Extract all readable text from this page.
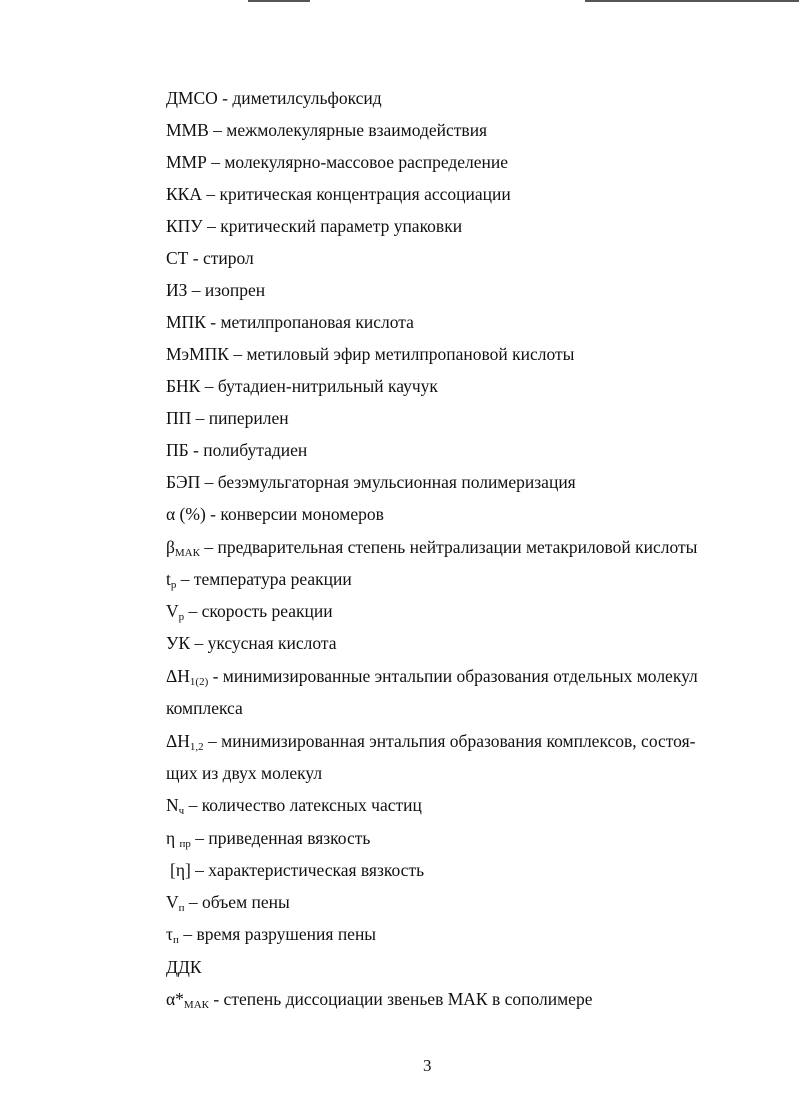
ДМСО - диметилсульфоксид
ММВ – межмолекулярные взаимодействия
ММР – молекулярно-массовое распределение
ККА – критическая концентрация ассоциации
КПУ – критический параметр упаковки
СТ - стирол
ИЗ – изопрен
МПК - метилпропановая кислота
МэМПК – метиловый эфир метилпропановой кислоты
БНК – бутадиен-нитрильный каучук
ПП – пиперилен
ПБ - полибутадиен
БЭП – безэмульгаторная эмульсионная полимеризация
α (%) - конверсии мономеров
$\beta_{МАК}$ – предварительная степень нейтрализации метакриловой кислоты
$t_р$ – температура реакции
$V_р$ – скорость реакции
УК – уксусная кислота
$\Delta H_{1(2)}$ - минимизированные энтальпии образования отдельных молекул
комплекса
$\Delta H_{1,2}$ – минимизированная энтальпия образования комплексов, состоя-
щих из двух молекул
$N_ч$ – количество латексных частиц
η $_{пр}$ – приведенная вязкость
[η] – характеристическая вязкость
$V_п$ – объем пены
$\tau_п$ – время разрушения пены
ДДК
$\alpha*_{МАК}$ - степень диссоциации звеньев МАК в сополимере
3
